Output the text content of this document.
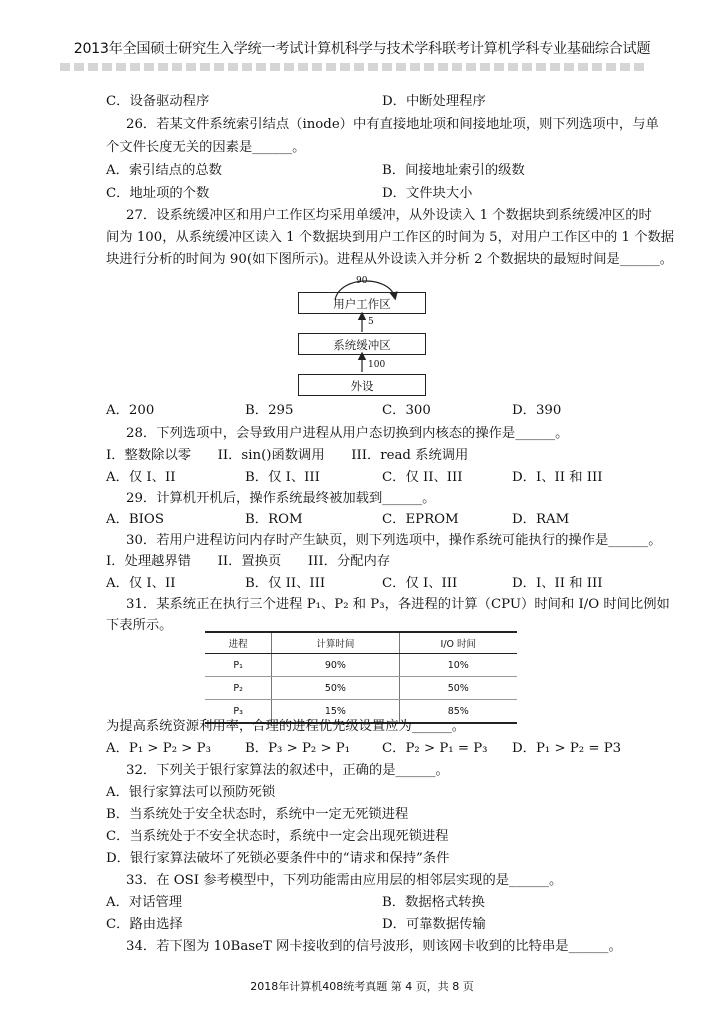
2013年全国硕士研究生入学统一考试计算机科学与技术学科联考计算机学科专业基础综合试题
C．设备驱动程序	D．中断处理程序
26．若某文件系统索引结点（inode）中有直接地址项和间接地址项，则下列选项中，与单
个文件长度无关的因素是______。
A．索引结点的总数	B．间接地址索引的级数
C．地址项的个数	D．文件块大小
27．设系统缓冲区和用户工作区均采用单缓冲，从外设读入 1 个数据块到系统缓冲区的时
间为 100，从系统缓冲区读入 1 个数据块到用户工作区的时间为 5，对用户工作区中的 1 个数据
块进行分析的时间为 90(如下图所示)。进程从外设读入并分析 2 个数据块的最短时间是______。
90
用户工作区
5
系统缓冲区
100
外设
A．200	B．295	C．300	D．390
28．下列选项中，会导致用户进程从用户态切换到内核态的操作是______。
I．整数除以零　　II．sin()函数调用　　III．read 系统调用
A．仅 I、II	B．仅 I、III	C．仅 II、III	D．I、II 和 III
29．计算机开机后，操作系统最终被加载到______。
A．BIOS	B．ROM	C．EPROM	D．RAM
30．若用户进程访问内存时产生缺页，则下列选项中，操作系统可能执行的操作是______。
I．处理越界错　　II．置换页　　III．分配内存
A．仅 I、II	B．仅 II、III	C．仅 I、III	D．I、II 和 III
31．某系统正在执行三个进程 P₁、P₂ 和 P₃，各进程的计算（CPU）时间和 I/O 时间比例如
下表所示。
进程	计算时间	I/O 时间
P₁	90%	10%
P₂	50%	50%
P₃	15%	85%
为提高系统资源利用率，合理的进程优先级设置应为______。
A．P₁ > P₂ > P₃	B．P₃ > P₂ > P₁ C．P₂ > P₁ = P₃ D．P₁ > P₂ = P3
32．下列关于银行家算法的叙述中，正确的是______。
A．银行家算法可以预防死锁
B．当系统处于安全状态时，系统中一定无死锁进程
C．当系统处于不安全状态时，系统中一定会出现死锁进程
D．银行家算法破坏了死锁必要条件中的“请求和保持”条件
33．在 OSI 参考模型中，下列功能需由应用层的相邻层实现的是______。
A．对话管理	B．数据格式转换
C．路由选择	D．可靠数据传输
34．若下图为 10BaseT 网卡接收到的信号波形，则该网卡收到的比特串是______。
2018年计算机408统考真题 第 4 页，共 8 页
